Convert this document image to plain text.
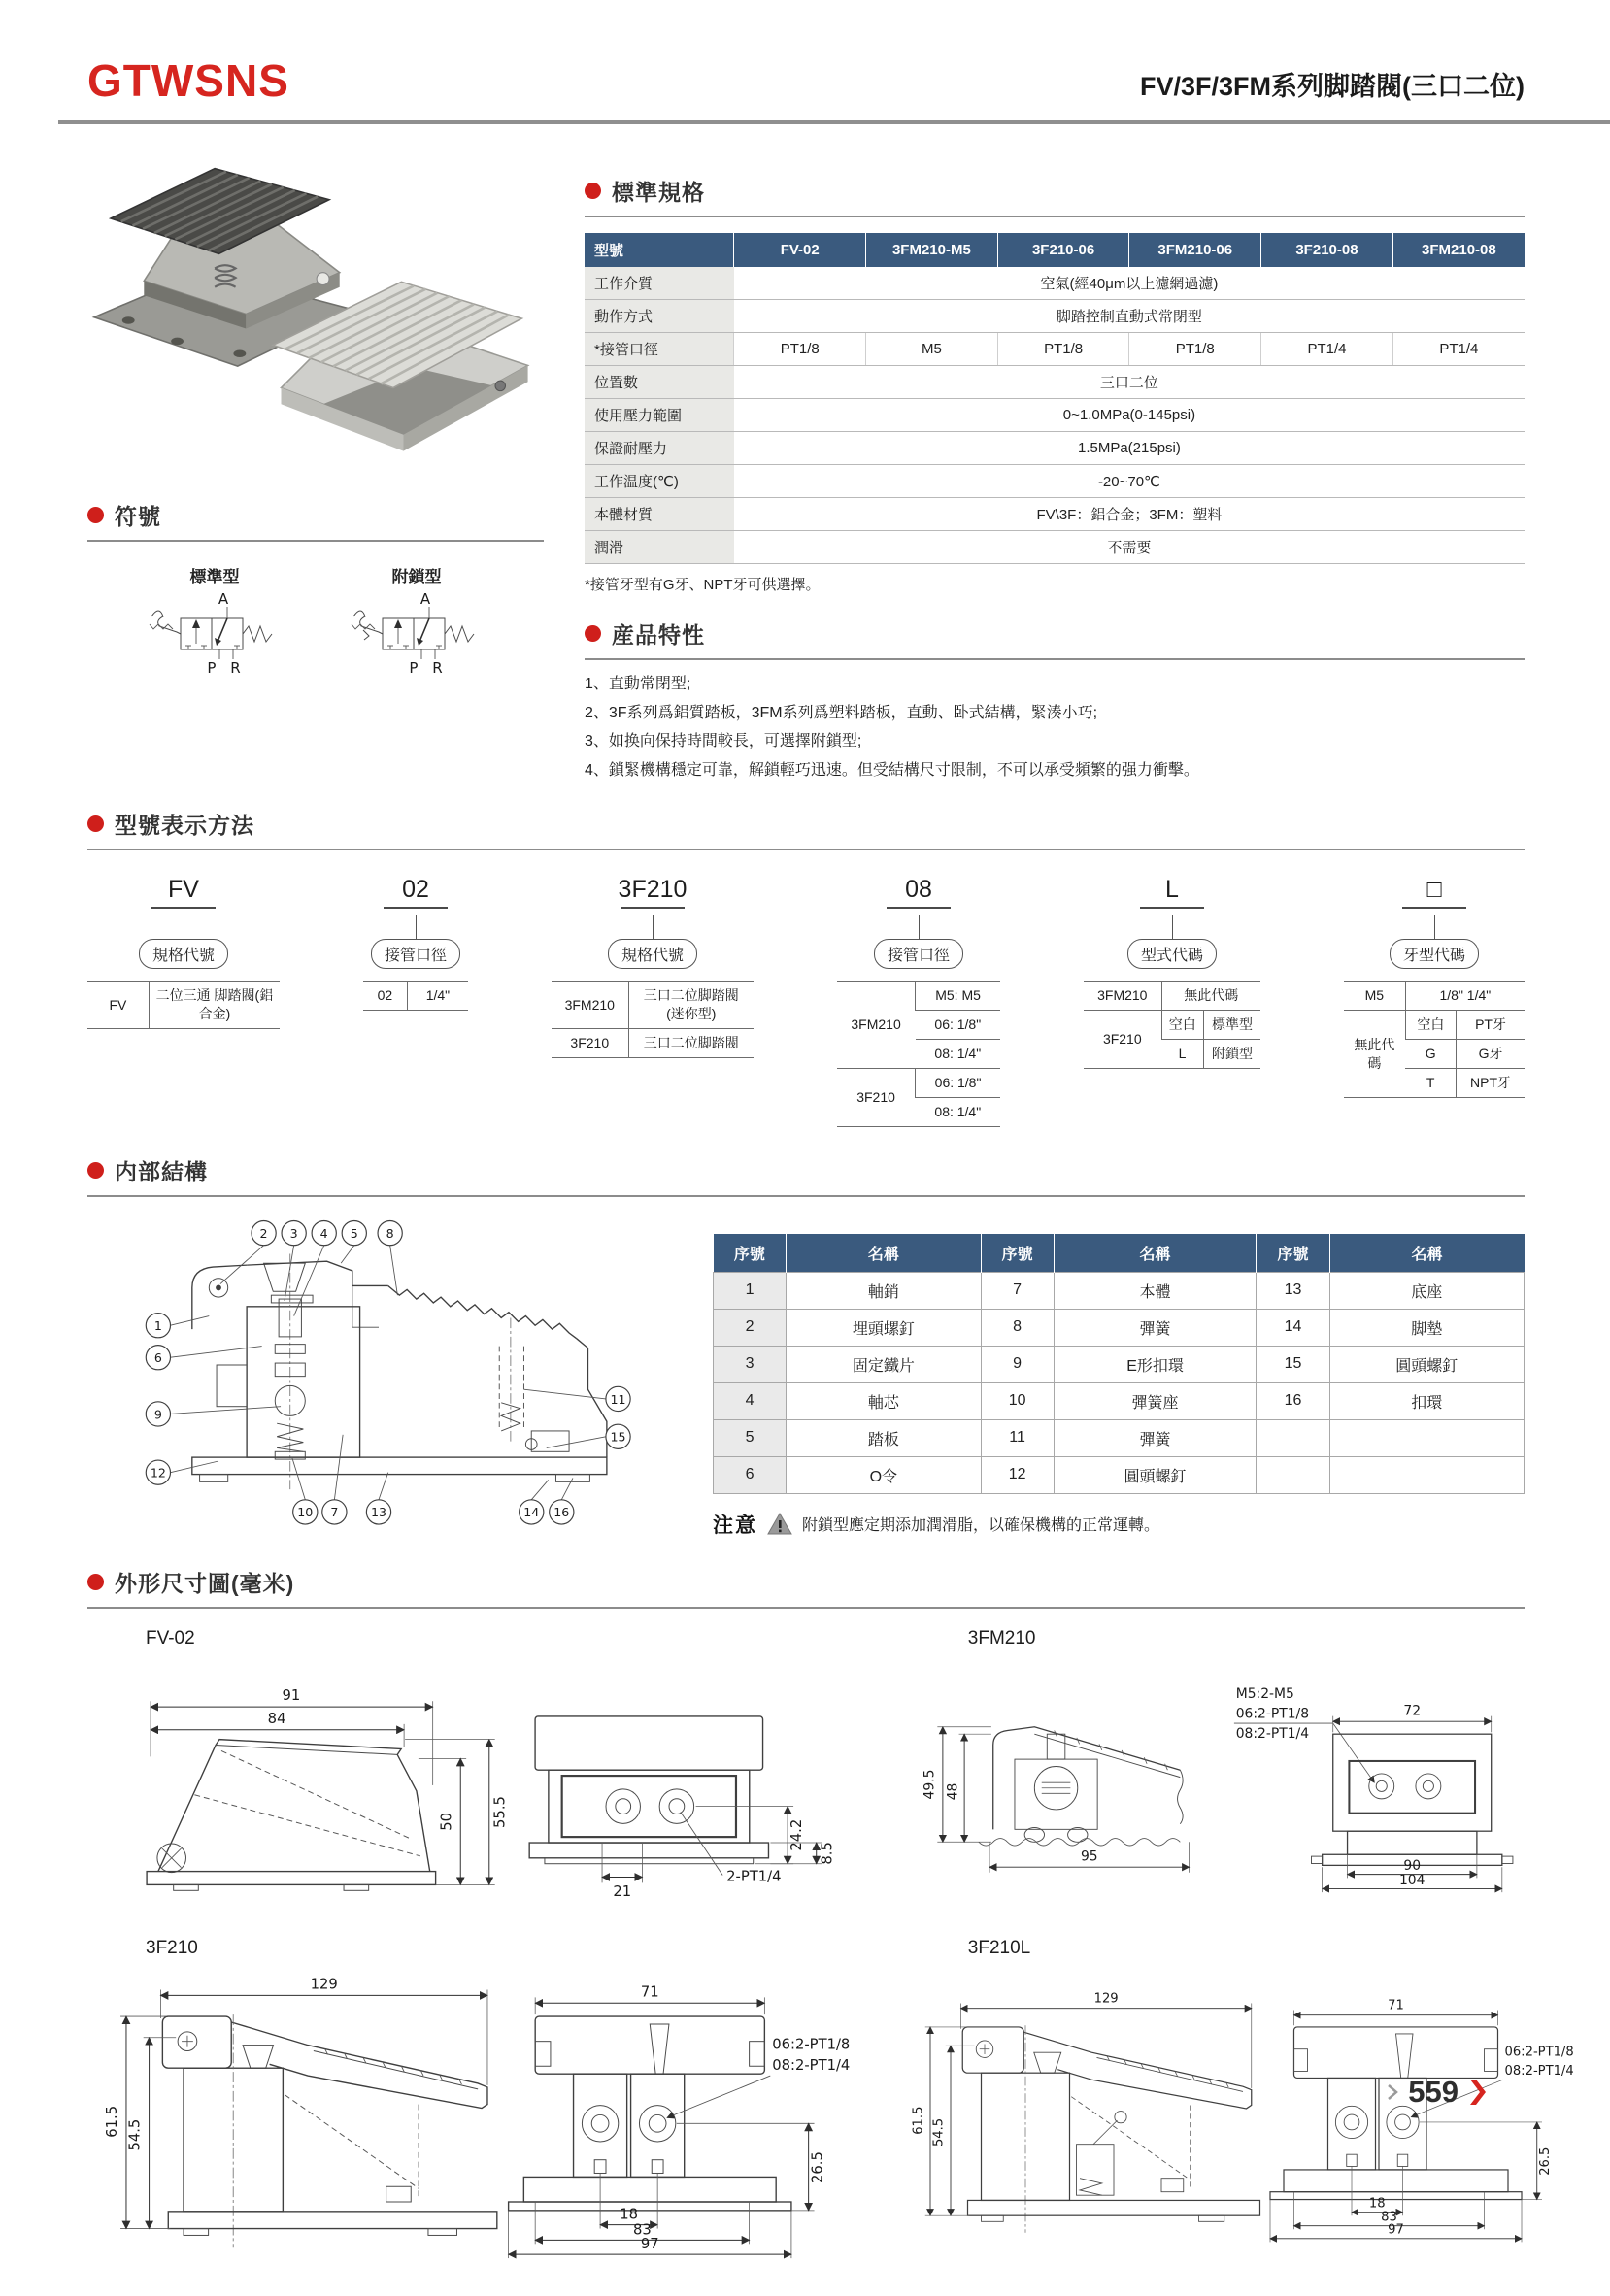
GTWSNS	FV/3F/3FM系列脚踏閥(三口二位)
符號
標準型
A
P R
附鎖型
A
P R
標準規格
型號	FV-02	3FM210-M5	3F210-06	3FM210-06	3F210-08	3FM210-08
工作介質	空氣(經40μm以上濾網過濾)					
動作方式	脚踏控制直動式常閉型					
*接管口徑	PT1/8	M5	PT1/8	PT1/8	PT1/4	PT1/4
位置數	三口二位					
使用壓力範圍	0~1.0MPa(0-145psi)					
保證耐壓力	1.5MPa(215psi)					
工作温度(℃)	-20~70℃					
本體材質	FV\3F：鋁合金；3FM：塑料					
潤滑	不需要					
*接管牙型有G牙、NPT牙可供選擇。
産品特性
1、直動常閉型;
2、3F系列爲鋁質踏板，3FM系列爲塑料踏板，直動、卧式結構，緊湊小巧;
3、如换向保持時間較長，可選擇附鎖型;
4、鎖緊機構穩定可靠，解鎖輕巧迅速。但受結構尺寸限制，不可以承受頻繁的强力衝擊。
型號表示方法
FV
規格代號
FV	二位三通 脚踏閥(鋁合金)
02
接管口徑
02	1/4"
3F210
規格代號
3FM210	三口二位脚踏閥 (迷你型)
3F210	三口二位脚踏閥
08
接管口徑
3FM210	M5: M5
	06: 1/8"
	08: 1/4"
3F210	06: 1/8"
	08: 1/4"
L
型式代碼
3FM210	無此代碼	
3F210	空白	標準型
	L	附鎖型
□
牙型代碼
M5	1/8" 1/4"	
無此代碼	空白	PT牙
	G	G牙
	T	NPT牙
内部結構
1
6
9
12
2 3 4 5 8
11
15
10 7	13	14 16
序號	名稱	序號	名稱	序號	名稱
1	軸銷	7	本體	13	底座
2	埋頭螺釘	8	彈簧	14	脚墊
3	固定鐵片	9	E形扣環	15	圓頭螺釘
4	軸芯	10	彈簧座	16	扣環
5	踏板	11	彈簧		
6	O令	12	圓頭螺釘		
注意	附鎖型應定期添加潤滑脂，以確保機構的正常運轉。
外形尺寸圖(毫米)
FV-02
91
84
55.5
50
21
2-PT1/4
24.2
8.5
3FM210
49.5 48
95
M5:2-M5
06:2-PT1/8
08:2-PT1/4
72
90
104
3F210
129
61.5 54.5
71
06:2-PT1/8
08:2-PT1/4
26.5
18
83
97
3F210L
129
61.5 54.5
71
06:2-PT1/8
08:2-PT1/4
26.5
18
83
97
559
